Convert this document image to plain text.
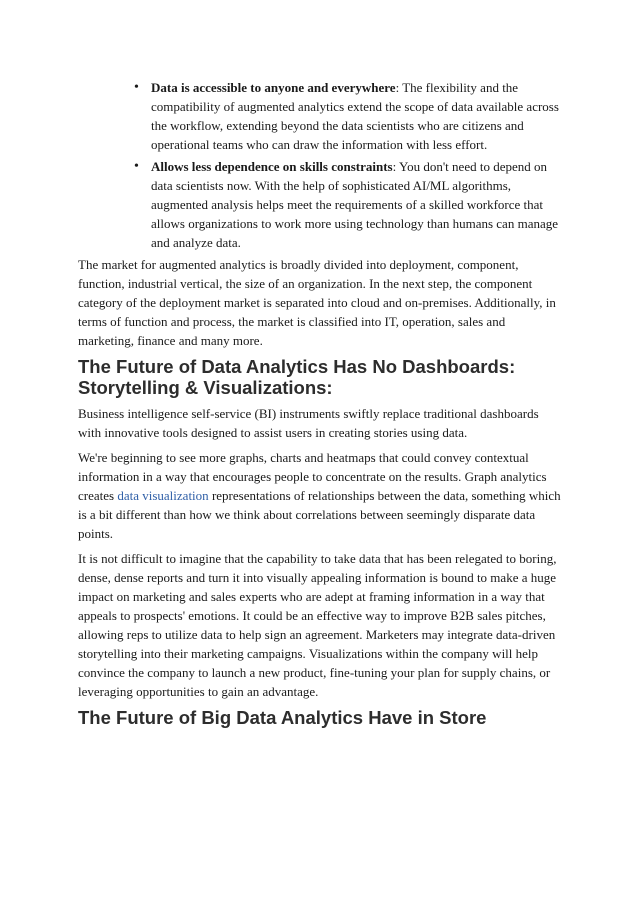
• Data is accessible to anyone and everywhere: The flexibility and the compatibility of augmented analytics extend the scope of data available across the workflow, extending beyond the data scientists who are citizens and operational teams who can draw the information with less effort.
• Allows less dependence on skills constraints: You don't need to depend on data scientists now. With the help of sophisticated AI/ML algorithms, augmented analysis helps meet the requirements of a skilled workforce that allows organizations to work more using technology than humans can manage and analyze data.

The market for augmented analytics is broadly divided into deployment, component, function, industrial vertical, the size of an organization. In the next step, the component category of the deployment market is separated into cloud and on-premises. Additionally, in terms of function and process, the market is classified into IT, operation, sales and marketing, finance and many more.

The Future of Data Analytics Has No Dashboards: Storytelling & Visualizations:

Business intelligence self-service (BI) instruments swiftly replace traditional dashboards with innovative tools designed to assist users in creating stories using data.

We're beginning to see more graphs, charts and heatmaps that could convey contextual information in a way that encourages people to concentrate on the results. Graph analytics creates data visualization representations of relationships between the data, something which is a bit different than how we think about correlations between seemingly disparate data points.

It is not difficult to imagine that the capability to take data that has been relegated to boring, dense, dense reports and turn it into visually appealing information is bound to make a huge impact on marketing and sales experts who are adept at framing information in a way that appeals to prospects' emotions. It could be an effective way to improve B2B sales pitches, allowing reps to utilize data to help sign an agreement. Marketers may integrate data-driven storytelling into their marketing campaigns. Visualizations within the company will help convince the company to launch a new product, fine-tuning your plan for supply chains, or leveraging opportunities to gain an advantage.

The Future of Big Data Analytics Have in Store
